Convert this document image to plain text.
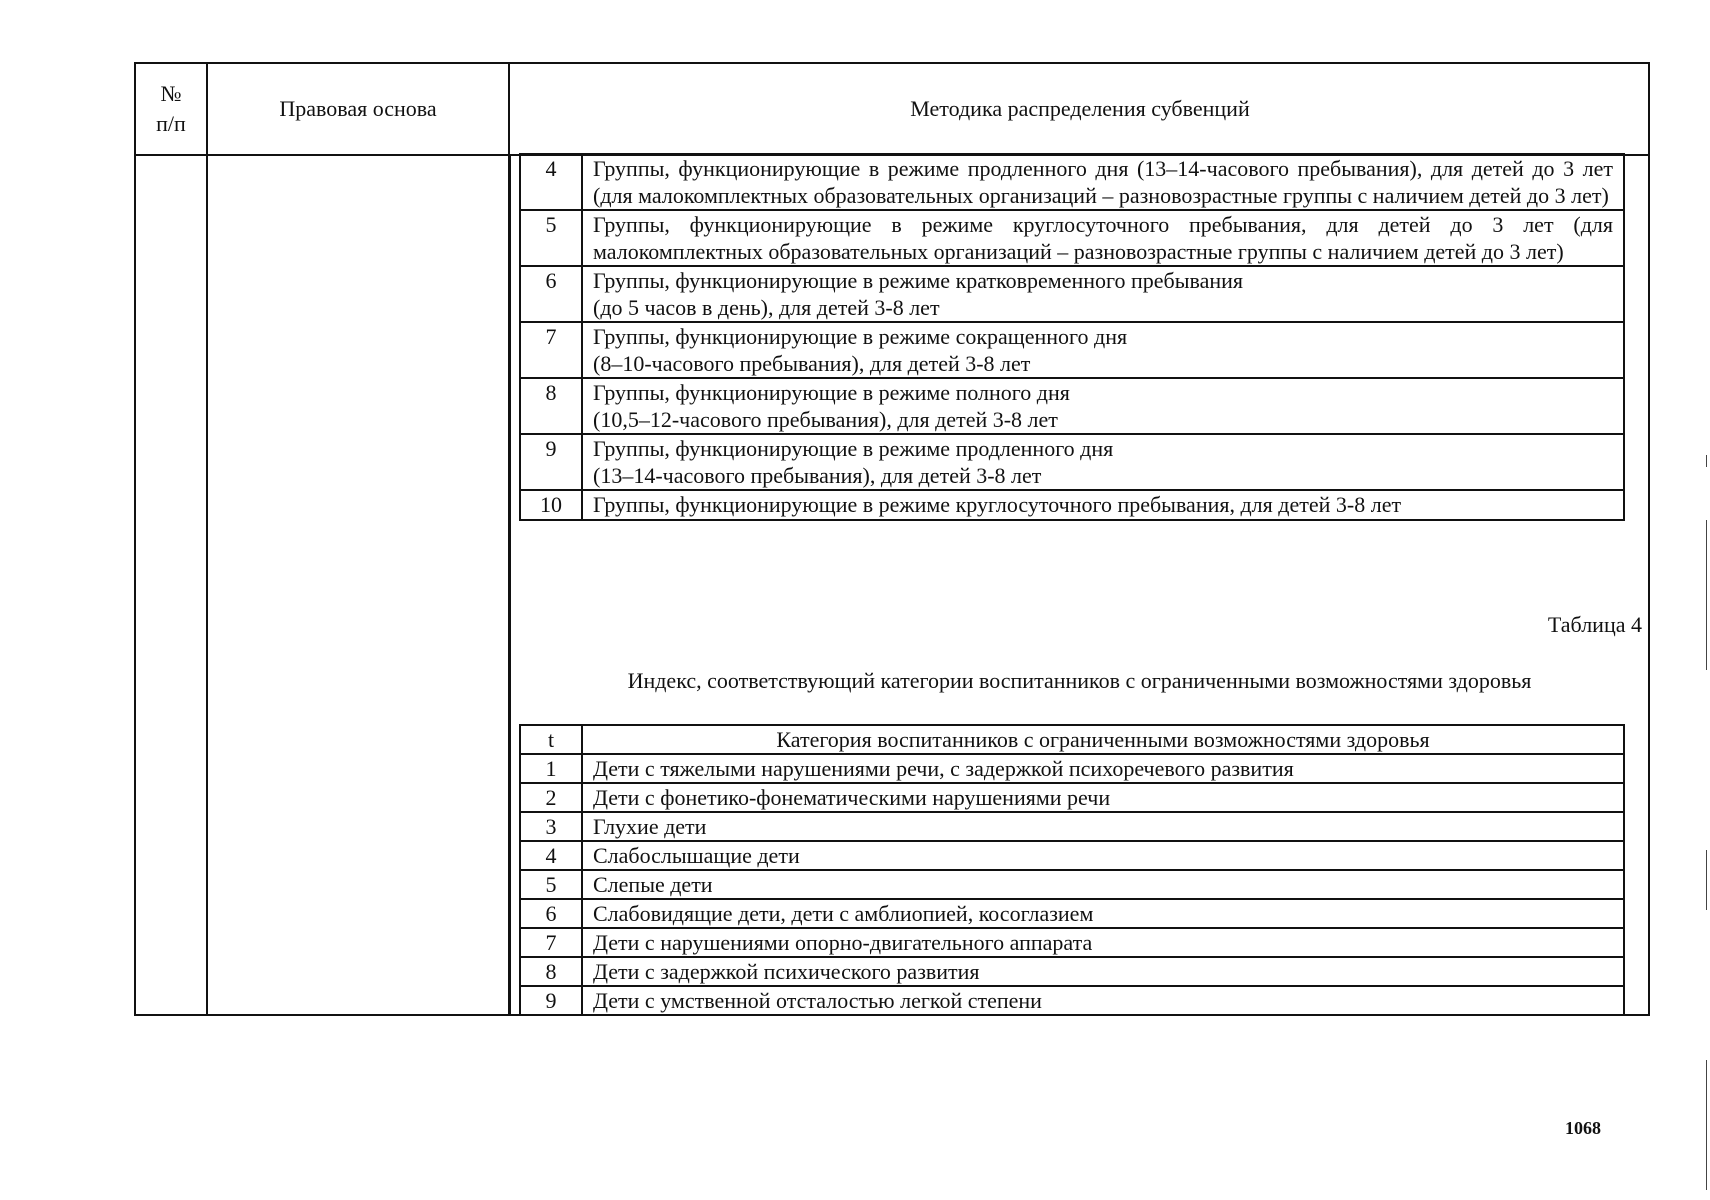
№
п/п
Правовая основа	Методика распределения субвенций
4	Группы, функционирующие в режиме продленного дня (13–14-часового пребывания), для детей до 3 лет (для малокомплектных образовательных организаций – разновозрастные группы с наличием детей до 3 лет)
5	Группы, функционирующие в режиме круглосуточного пребывания, для детей до 3 лет (для малокомплектных образовательных организаций – разновозрастные группы с наличием детей до 3 лет)
6	Группы, функционирующие в режиме кратковременного пребывания
(до 5 часов в день), для детей 3-8 лет
7	Группы, функционирующие в режиме сокращенного дня
(8–10-часового пребывания), для детей 3-8 лет
8	Группы, функционирующие в режиме полного дня
(10,5–12-часового пребывания), для детей 3-8 лет
9	Группы, функционирующие в режиме продленного дня
(13–14-часового пребывания), для детей 3-8 лет
10	Группы, функционирующие в режиме круглосуточного пребывания, для детей 3-8 лет
Таблица 4
Индекс, соответствующий категории воспитанников с ограниченными возможностями здоровья
t	Категория воспитанников с ограниченными возможностями здоровья
1	Дети с тяжелыми нарушениями речи, с задержкой психоречевого развития
2	Дети с фонетико-фонематическими нарушениями речи
3	Глухие дети
4	Слабослышащие дети
5	Слепые дети
6	Слабовидящие дети, дети с амблиопией, косоглазием
7	Дети с нарушениями опорно-двигательного аппарата
8	Дети с задержкой психического развития
9	Дети с умственной отсталостью легкой степени
1068
